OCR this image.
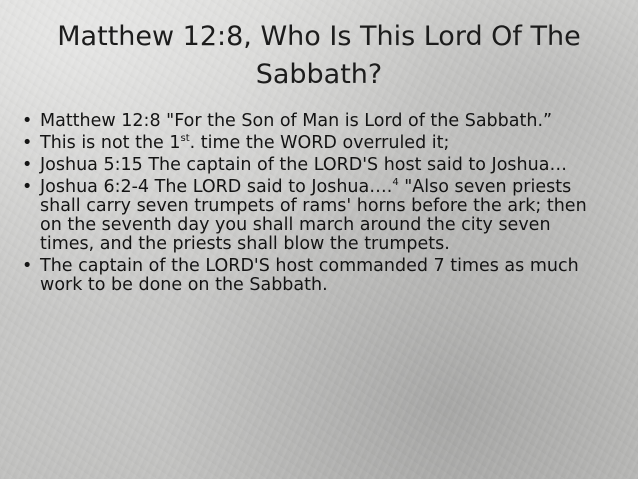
Matthew 12:8, Who Is This Lord Of The Sabbath?
• Matthew 12:8 "For the Son of Man is Lord of the Sabbath.”
• This is not the 1st. time the WORD overruled it;
• Joshua 5:15 The captain of the LORD'S host said to Joshua…
• Joshua 6:2-4 The LORD said to Joshua….$^4$ "Also seven priests shall carry seven trumpets of rams' horns before the ark; then on the seventh day you shall march around the city seven times, and the priests shall blow the trumpets.
• The captain of the LORD'S host commanded 7 times as much work to be done on the Sabbath.
